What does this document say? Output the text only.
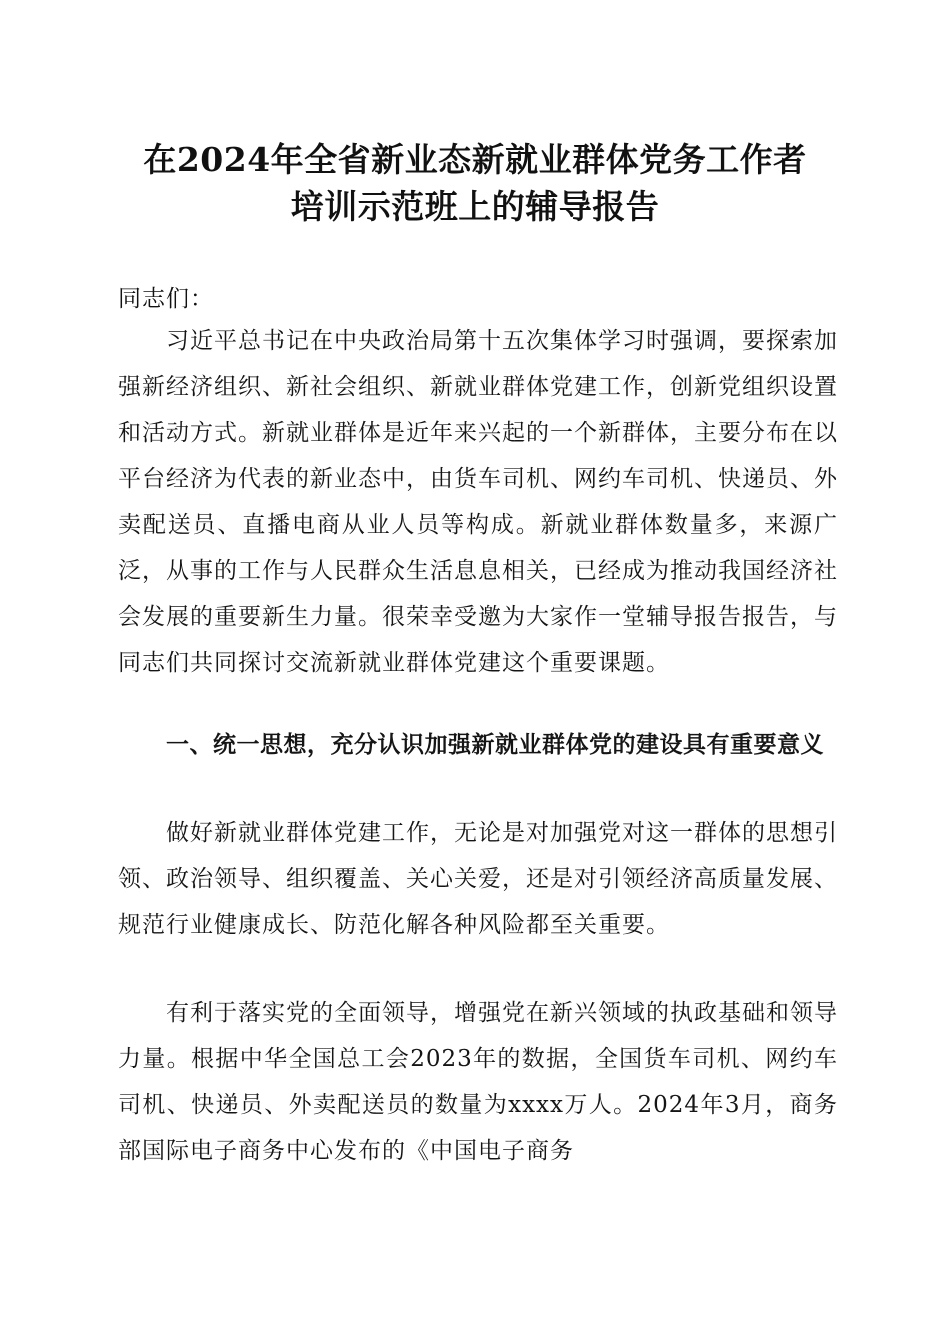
在2024年全省新业态新就业群体党务工作者
培训示范班上的辅导报告
同志们：
习近平总书记在中央政治局第十五次集体学习时强调，要探索加强新经济组织、新社会组织、新就业群体党建工作，创新党组织设置和活动方式。新就业群体是近年来兴起的一个新群体，主要分布在以平台经济为代表的新业态中，由货车司机、网约车司机、快递员、外卖配送员、直播电商从业人员等构成。新就业群体数量多，来源广泛，从事的工作与人民群众生活息息相关，已经成为推动我国经济社会发展的重要新生力量。很荣幸受邀为大家作一堂辅导报告报告，与同志们共同探讨交流新就业群体党建这个重要课题。
一、统一思想，充分认识加强新就业群体党的建设具有重要意义
做好新就业群体党建工作，无论是对加强党对这一群体的思想引领、政治领导、组织覆盖、关心关爱，还是对引领经济高质量发展、规范行业健康成长、防范化解各种风险都至关重要。
有利于落实党的全面领导，增强党在新兴领域的执政基础和领导力量。根据中华全国总工会2023年的数据，全国货车司机、网约车司机、快递员、外卖配送员的数量为xxxx万人。2024年3月，商务部国际电子商务中心发布的《中国电子商务
